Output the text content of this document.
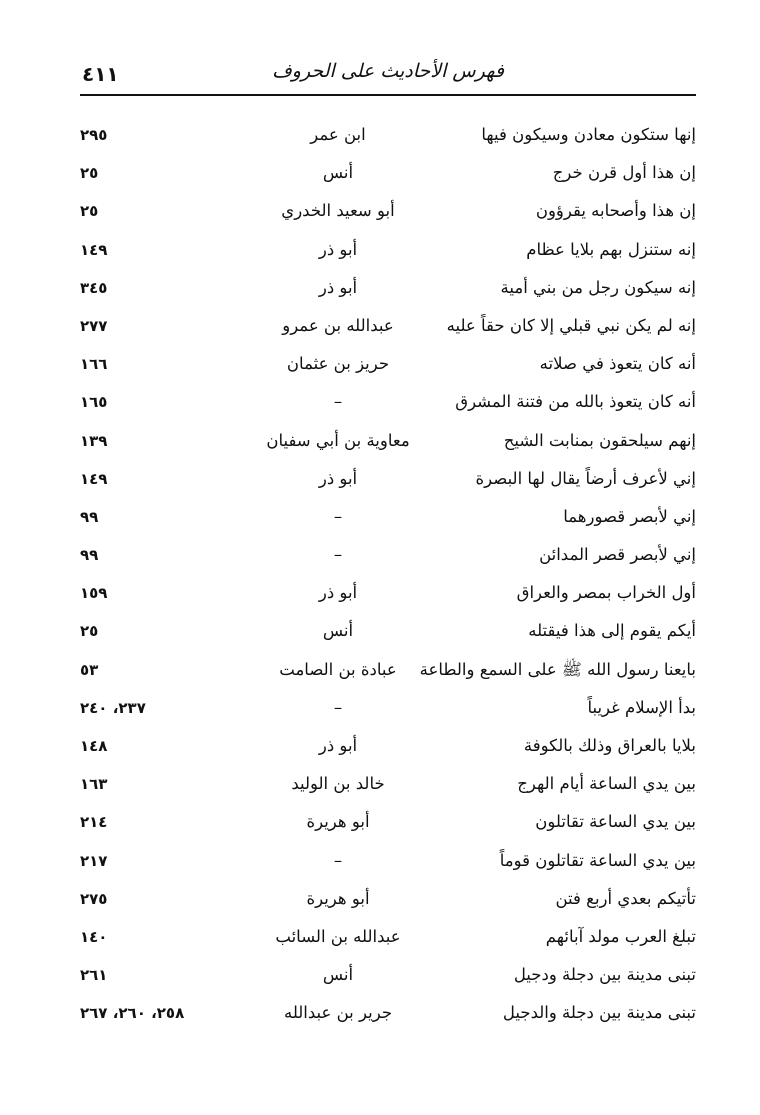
٤١١	فهرس الأحاديث على الحروف
إنها ستكون معادن وسيكون فيها
ابن عمر
٢٩٥
إن هذا أول قرن خرج
أنس
٢٥
إن هذا وأصحابه يقرؤون
أبو سعيد الخدري
٢٥
إنه ستنزل بهم بلايا عظام
أبو ذر
١٤٩
إنه سيكون رجل من بني أمية
أبو ذر
٣٤٥
إنه لم يكن نبي قبلي إلا كان حقاً عليه
عبدالله بن عمرو
٢٧٧
أنه كان يتعوذ في صلاته
حريز بن عثمان
١٦٦
أنه كان يتعوذ بالله من فتنة المشرق
–
١٦٥
إنهم سيلحقون بمنابت الشيح
معاوية بن أبي سفيان
١٣٩
إني لأعرف أرضاً يقال لها البصرة
أبو ذر
١٤٩
إني لأبصر قصورهما
–
٩٩
إني لأبصر قصر المدائن
–
٩٩
أول الخراب بمصر والعراق
أبو ذر
١٥٩
أيكم يقوم إلى هذا فيقتله
أنس
٢٥
بايعنا رسول الله ﷺ على السمع والطاعة
عبادة بن الصامت
٥٣
بدأ الإسلام غريباً
–
٢٣٧، ٢٤٠
بلايا بالعراق وذلك بالكوفة
أبو ذر
١٤٨
بين يدي الساعة أيام الهرج
خالد بن الوليد
١٦٣
بين يدي الساعة تقاتلون
أبو هريرة
٢١٤
بين يدي الساعة تقاتلون قوماً
–
٢١٧
تأتيكم بعدي أربع فتن
أبو هريرة
٢٧٥
تبلغ العرب مولد آبائهم
عبدالله بن السائب
١٤٠
تبنى مدينة بين دجلة ودجيل
أنس
٢٦١
تبنى مدينة بين دجلة والدجيل
جرير بن عبدالله
٢٥٨، ٢٦٠، ٢٦٧
